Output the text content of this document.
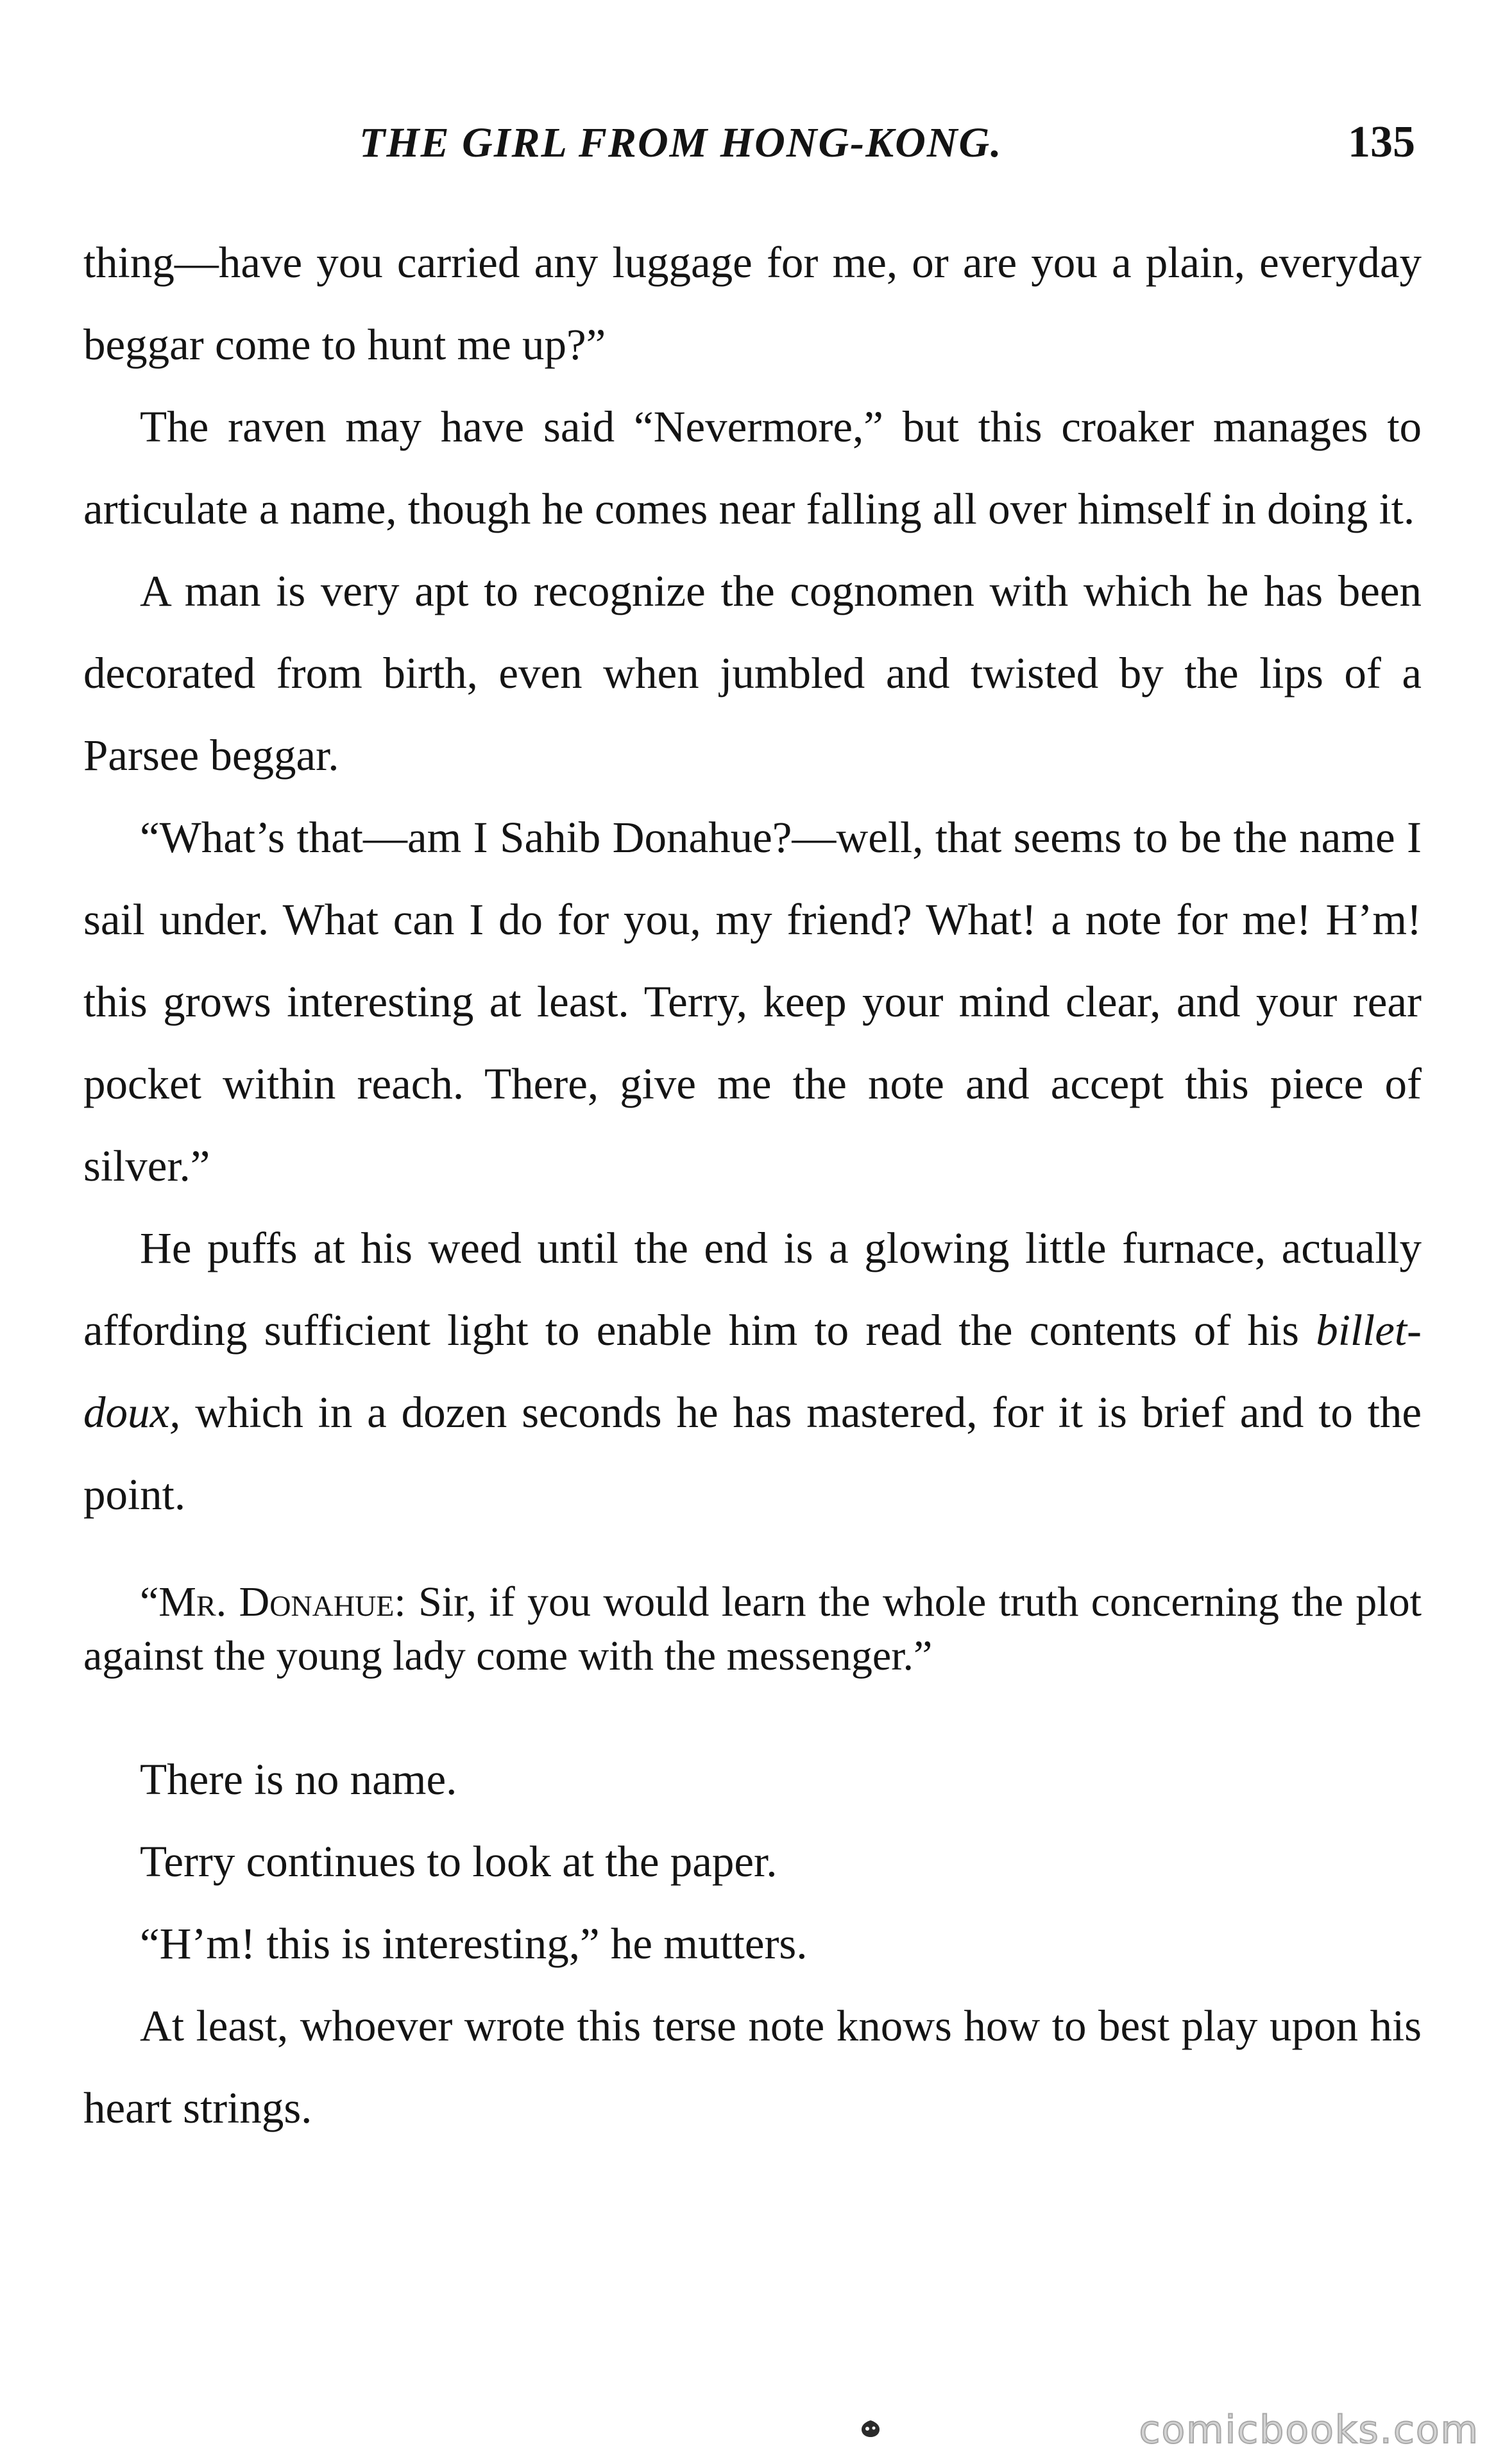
THE GIRL FROM HONG-KONG.	135

thing—have you carried any luggage for me, or are you a plain, everyday beggar come to hunt me up?”

The raven may have said “Nevermore,” but this croaker manages to articulate a name, though he comes near falling all over himself in doing it.

A man is very apt to recognize the cognomen with which he has been decorated from birth, even when jumbled and twisted by the lips of a Parsee beggar.

“What’s that—am I Sahib Donahue?—well, that seems to be the name I sail under. What can I do for you, my friend? What! a note for me! H’m! this grows interesting at least. Terry, keep your mind clear, and your rear pocket within reach. There, give me the note and accept this piece of silver.”

He puffs at his weed until the end is a glowing little furnace, actually affording sufficient light to enable him to read the contents of his billet-doux, which in a dozen seconds he has mastered, for it is brief and to the point.

“Mr. Donahue: Sir, if you would learn the whole truth concerning the plot against the young lady come with the messenger.”

There is no name.

Terry continues to look at the paper.

“H’m! this is interesting,” he mutters.

At least, whoever wrote this terse note knows how to best play upon his heart strings.

comicbooks.com
